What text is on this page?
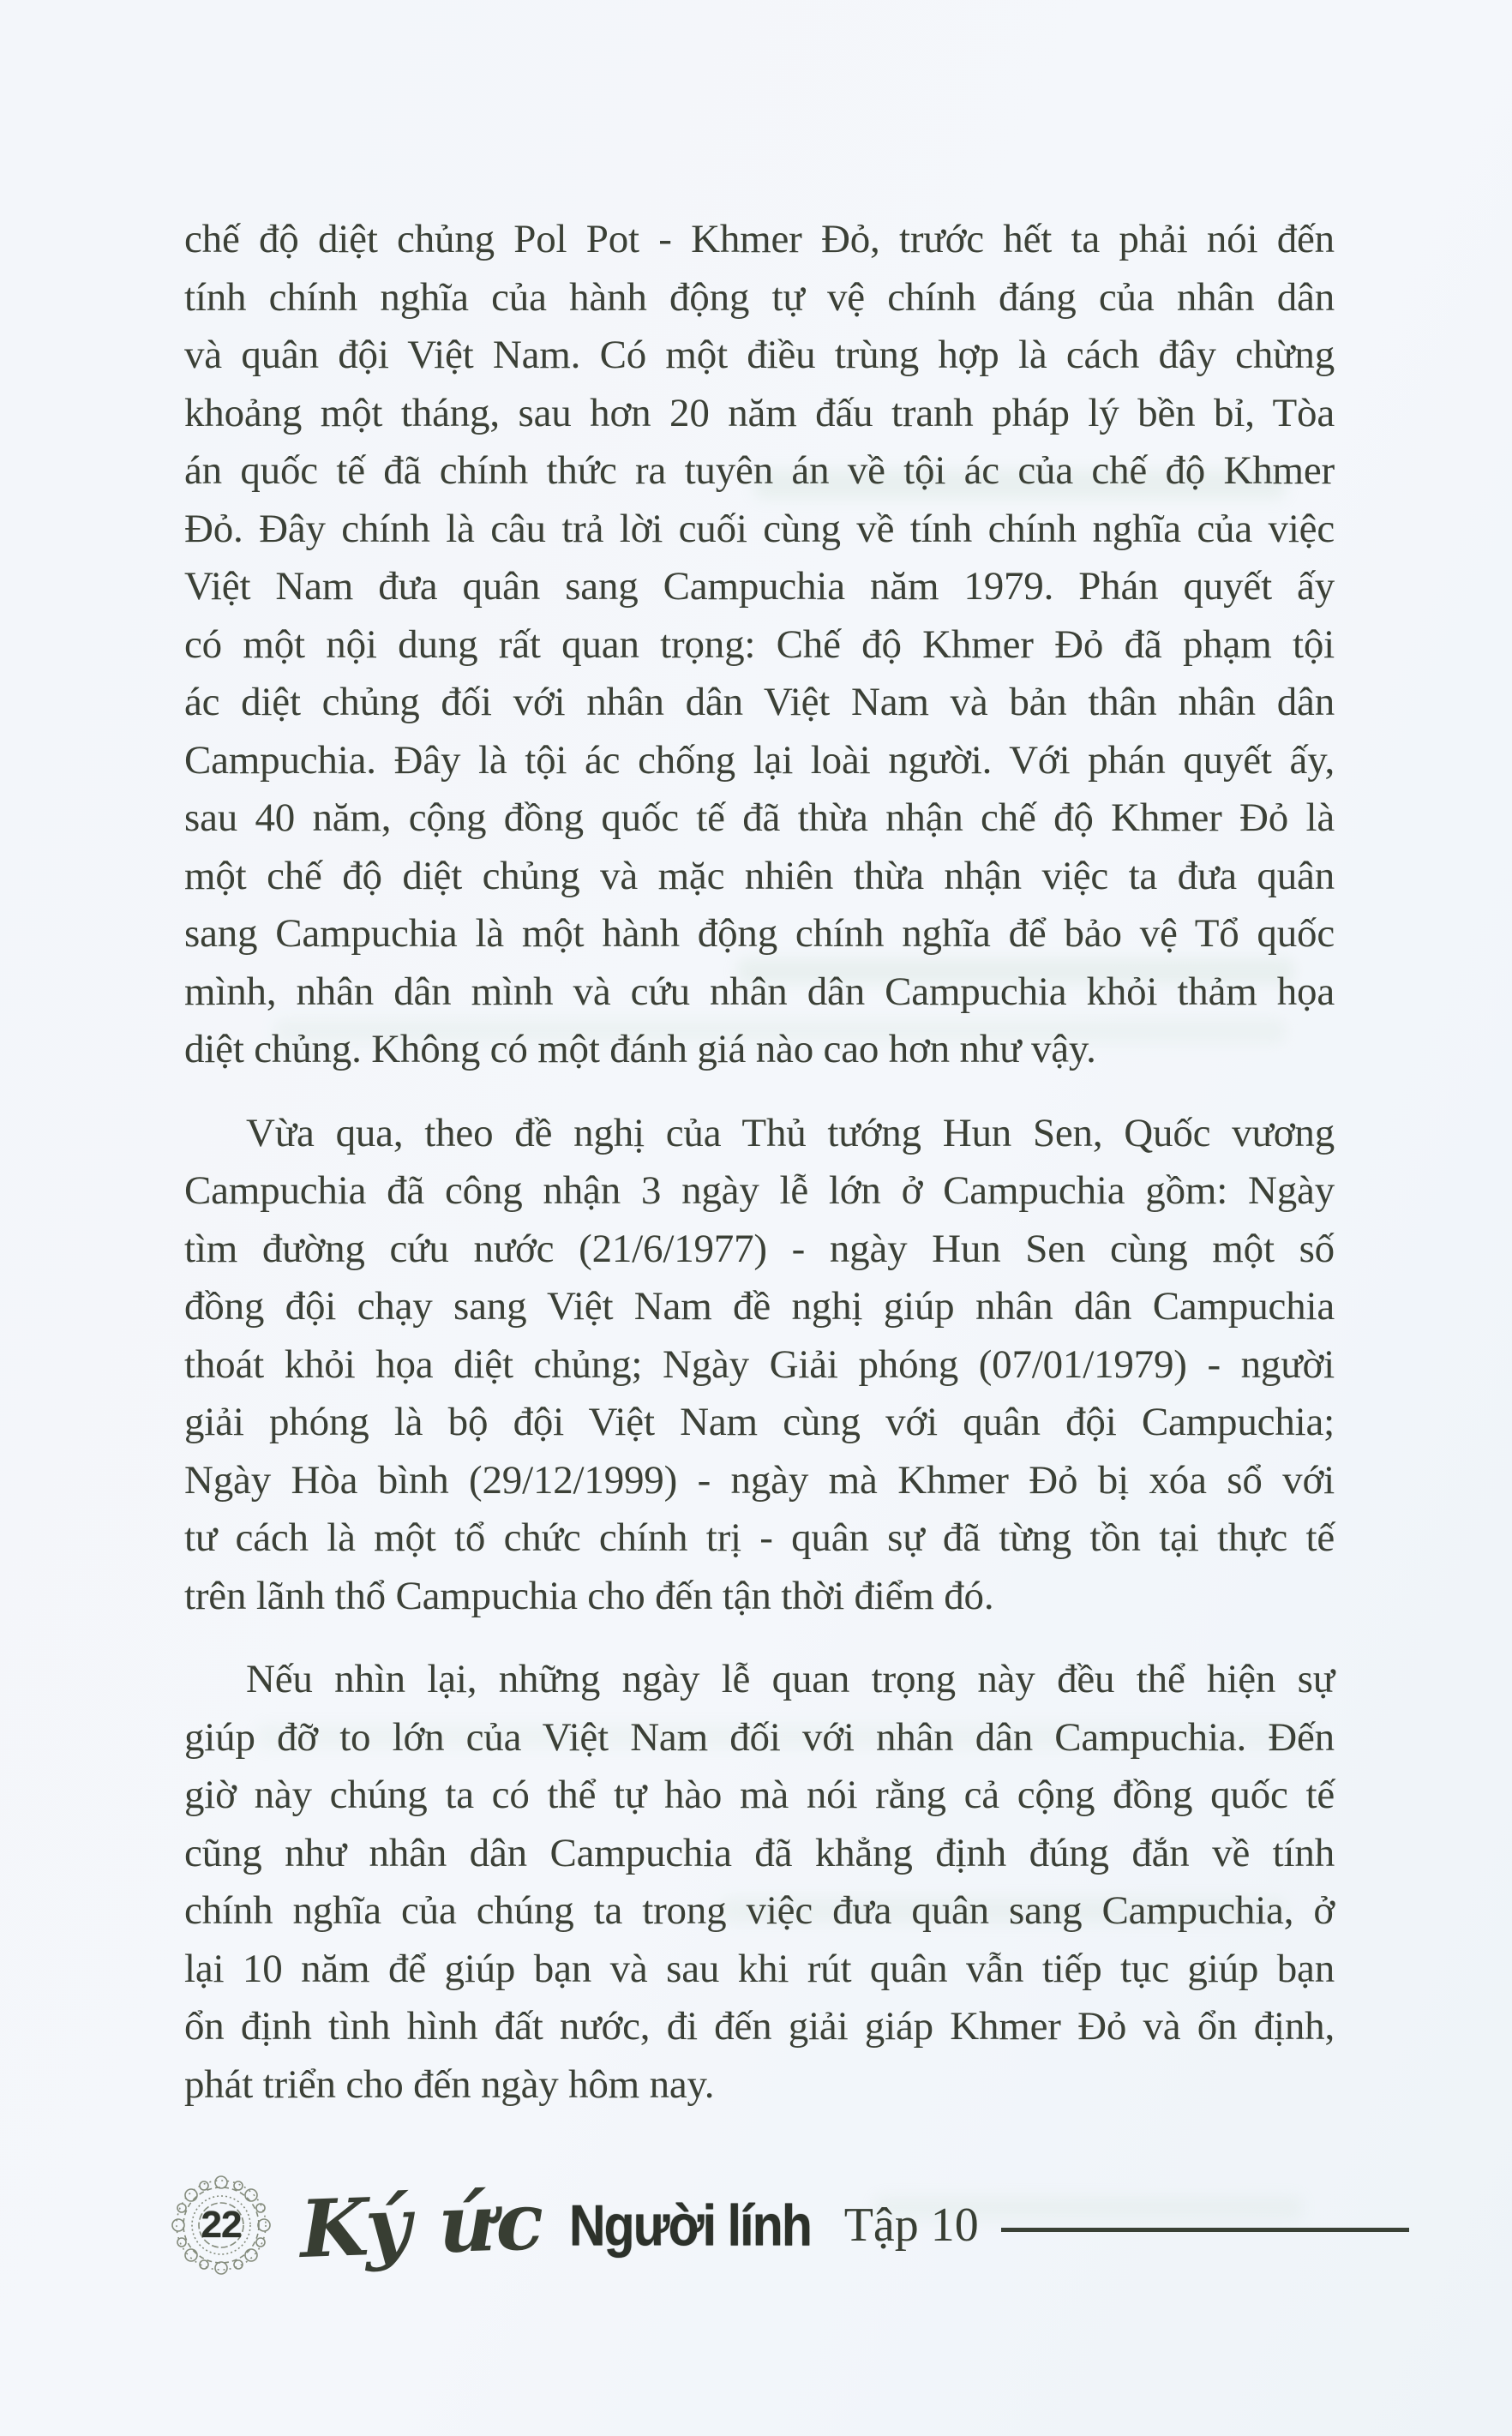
chế độ diệt chủng Pol Pot - Khmer Đỏ, trước hết ta phải nói đến
tính chính nghĩa của hành động tự vệ chính đáng của nhân dân
và quân đội Việt Nam. Có một điều trùng hợp là cách đây chừng
khoảng một tháng, sau hơn 20 năm đấu tranh pháp lý bền bỉ, Tòa
án quốc tế đã chính thức ra tuyên án về tội ác của chế độ Khmer
Đỏ. Đây chính là câu trả lời cuối cùng về tính chính nghĩa của việc
Việt Nam đưa quân sang Campuchia năm 1979. Phán quyết ấy
có một nội dung rất quan trọng: Chế độ Khmer Đỏ đã phạm tội
ác diệt chủng đối với nhân dân Việt Nam và bản thân nhân dân
Campuchia. Đây là tội ác chống lại loài người. Với phán quyết ấy,
sau 40 năm, cộng đồng quốc tế đã thừa nhận chế độ Khmer Đỏ là
một chế độ diệt chủng và mặc nhiên thừa nhận việc ta đưa quân
sang Campuchia là một hành động chính nghĩa để bảo vệ Tổ quốc
mình, nhân dân mình và cứu nhân dân Campuchia khỏi thảm họa
diệt chủng. Không có một đánh giá nào cao hơn như vậy.
Vừa qua, theo đề nghị của Thủ tướng Hun Sen, Quốc vương
Campuchia đã công nhận 3 ngày lễ lớn ở Campuchia gồm: Ngày
tìm đường cứu nước (21/6/1977) - ngày Hun Sen cùng một số
đồng đội chạy sang Việt Nam đề nghị giúp nhân dân Campuchia
thoát khỏi họa diệt chủng; Ngày Giải phóng (07/01/1979) - người
giải phóng là bộ đội Việt Nam cùng với quân đội Campuchia;
Ngày Hòa bình (29/12/1999) - ngày mà Khmer Đỏ bị xóa sổ với
tư cách là một tổ chức chính trị - quân sự đã từng tồn tại thực tế
trên lãnh thổ Campuchia cho đến tận thời điểm đó.
Nếu nhìn lại, những ngày lễ quan trọng này đều thể hiện sự
giúp đỡ to lớn của Việt Nam đối với nhân dân Campuchia. Đến
giờ này chúng ta có thể tự hào mà nói rằng cả cộng đồng quốc tế
cũng như nhân dân Campuchia đã khẳng định đúng đắn về tính
chính nghĩa của chúng ta trong việc đưa quân sang Campuchia, ở
lại 10 năm để giúp bạn và sau khi rút quân vẫn tiếp tục giúp bạn
ổn định tình hình đất nước, đi đến giải giáp Khmer Đỏ và ổn định,
phát triển cho đến ngày hôm nay.
22 Ký ức Người lính Tập 10
